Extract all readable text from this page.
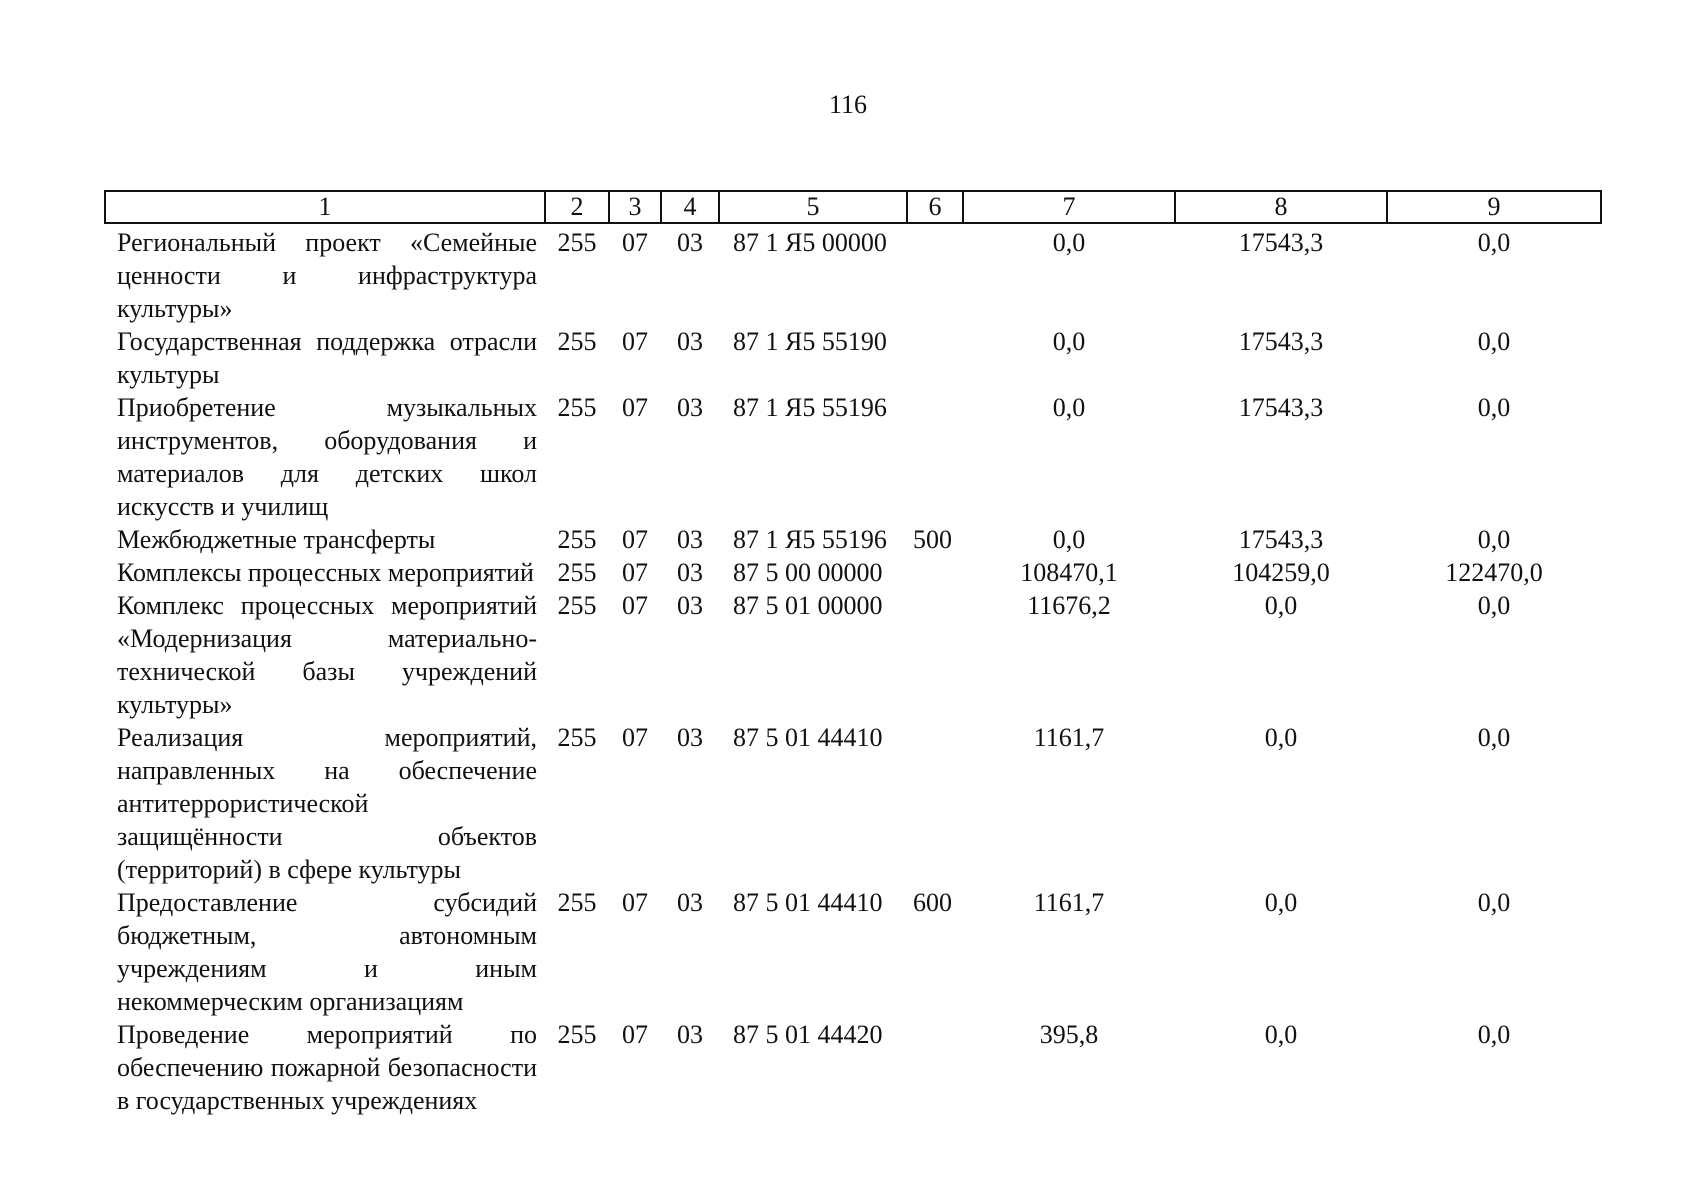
116
1	2	3	4	5	6	7	8	9
Региональный проект «Семейные ценности и инфраструктура культуры»	255	07	03	87 1 Я5 00000		0,0	17543,3	0,0
Государственная поддержка отрасли культуры	255	07	03	87 1 Я5 55190		0,0	17543,3	0,0
Приобретение музыкальных инструментов, оборудования и материалов для детских школ искусств и училищ	255	07	03	87 1 Я5 55196		0,0	17543,3	0,0
Межбюджетные трансферты	255	07	03	87 1 Я5 55196	500	0,0	17543,3	0,0
Комплексы процессных мероприятий	255	07	03	87 5 00 00000		108470,1	104259,0	122470,0
Комплекс процессных мероприятий «Модернизация материально-технической базы учреждений культуры»	255	07	03	87 5 01 00000		11676,2	0,0	0,0
Реализация мероприятий, направленных на обеспечение антитеррористической защищённости объектов (территорий) в сфере культуры	255	07	03	87 5 01 44410		1161,7	0,0	0,0
Предоставление субсидий бюджетным, автономным учреждениям и иным некоммерческим организациям	255	07	03	87 5 01 44410	600	1161,7	0,0	0,0
Проведение мероприятий по обеспечению пожарной безопасности в государственных учреждениях	255	07	03	87 5 01 44420		395,8	0,0	0,0
